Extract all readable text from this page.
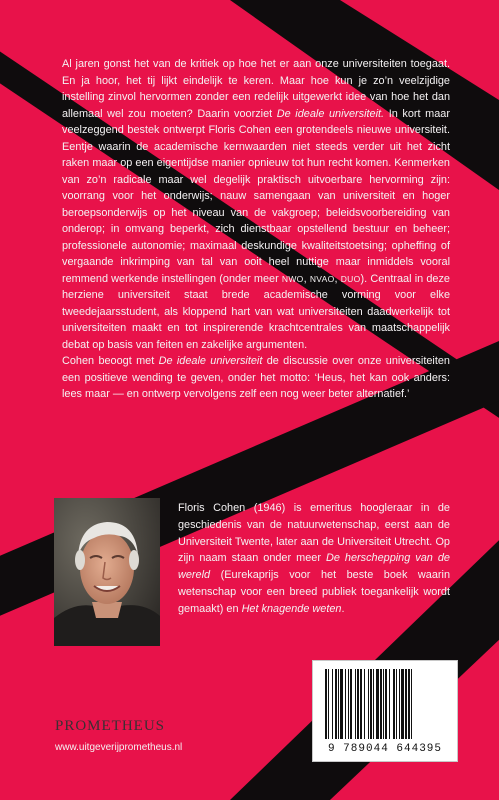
Al jaren gonst het van de kritiek op hoe het er aan onze universiteiten toegaat. En ja hoor, het tij lijkt eindelijk te keren. Maar hoe kun je zo’n veelzijdige instelling zinvol hervormen zonder een redelijk uitgewerkt idee van hoe het dan allemaal wel zou moeten? Daarin voorziet De ideale universiteit. In kort maar veelzeggend bestek ontwerpt Floris Cohen een grotendeels nieuwe universiteit. Eentje waarin de academische kernwaarden niet steeds verder uit het zicht raken maar op een eigentijdse manier opnieuw tot hun recht komen. Kenmerken van zo’n radicale maar wel degelijk praktisch uitvoerbare hervorming zijn: voorrang voor het onderwijs; nauw samengaan van universiteit en hoger beroepsonderwijs op het niveau van de vakgroep; beleidsvoorbereiding van onderop; in omvang beperkt, zich dienstbaar opstellend bestuur en beheer; professionele autonomie; maximaal deskundige kwaliteitstoetsing; opheffing of vergaande inkrimping van tal van ooit heel nuttige maar inmiddels vooral remmend werkende instellingen (onder meer NWO, NVAO, DUO). Centraal in deze herziene universiteit staat brede academische vorming voor elke tweedejaarsstudent, als kloppend hart van wat universiteiten daadwerkelijk tot universiteiten maakt en tot inspirerende krachtcentrales van maatschappelijk debat op basis van feiten en zakelijke argumenten.

Cohen beoogt met De ideale universiteit de discussie over onze universiteiten een positieve wending te geven, onder het motto: ‘Heus, het kan ook anders: lees maar — en ontwerp vervolgens zelf een nog weer beter alternatief.’

Floris Cohen (1946) is emeritus hoogleraar in de geschiedenis van de natuurwetenschap, eerst aan de Universiteit Twente, later aan de Universiteit Utrecht. Op zijn naam staan onder meer De herschepping van de wereld (Eurekaprijs voor het beste boek waarin wetenschap voor een breed publiek toegankelijk wordt gemaakt) en Het knagende weten.

9 789044 644395
PROMETHEUS
www.uitgeverijprometheus.nl
